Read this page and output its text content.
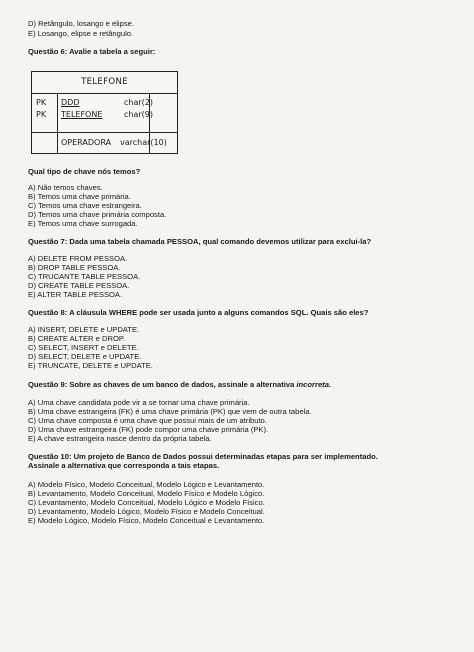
D) Retângulo, losango e elipse.
E) Losango, elipse e retângulo.
Questão 6: Avalie a tabela a seguir:
TELEFONE
PK DDD	char(2)
PK TELEFONE	char(9)
OPERADORA varchar(10)
Qual tipo de chave nós temos?
A) Não temos chaves.
B) Temos uma chave primária.
C) Temos uma chave estrangeira.
D) Temos uma chave primária composta.
E) Temos uma chave surrogada.
Questão 7: Dada uma tabela chamada PESSOA, qual comando devemos utilizar para exclui-la?
A) DELETE FROM PESSOA.
B) DROP TABLE PESSOA.
C) TRUCANTE TABLE PESSOA.
D) CREATE TABLE PESSOA.
E) ALTER TABLE PESSOA.
Questão 8: A cláusula WHERE pode ser usada junto a alguns comandos SQL. Quais são eles?
A) INSERT, DELETE e UPDATE.
B) CREATE ALTER e DROP.
C) SELECT, INSERT e DELETE.
D) SELECT, DELETE e UPDATE.
E) TRUNCATE, DELETE e UPDATE.
Questão 9: Sobre as chaves de um banco de dados, assinale a alternativa incorreta.
A) Uma chave candidata pode vir a se tornar uma chave primária.
B) Uma chave estrangeira (FK) é uma chave primária (PK) que vem de outra tabela.
C) Uma chave composta é uma chave que possui mais de um atributo.
D) Uma chave estrangeira (FK) pode compor uma chave primária (PK).
E) A chave estrangeira nasce dentro da própria tabela.
Questão 10: Um projeto de Banco de Dados possui determinadas etapas para ser implementado.
Assinale a alternativa que corresponda a tais etapas.
A) Modelo Físico, Modelo Conceitual, Modelo Lógico e Levantamento.
B) Levantamento, Modelo Conceitual, Modelo Físico e Modelo Lógico.
C) Levantamento, Modelo Conceitual, Modelo Lógico e Modelo Físico.
D) Levantamento, Modelo Lógico, Modelo Físico e Modelo Conceitual.
E) Modelo Lógico, Modelo Físico, Modelo Conceitual e Levantamento.
